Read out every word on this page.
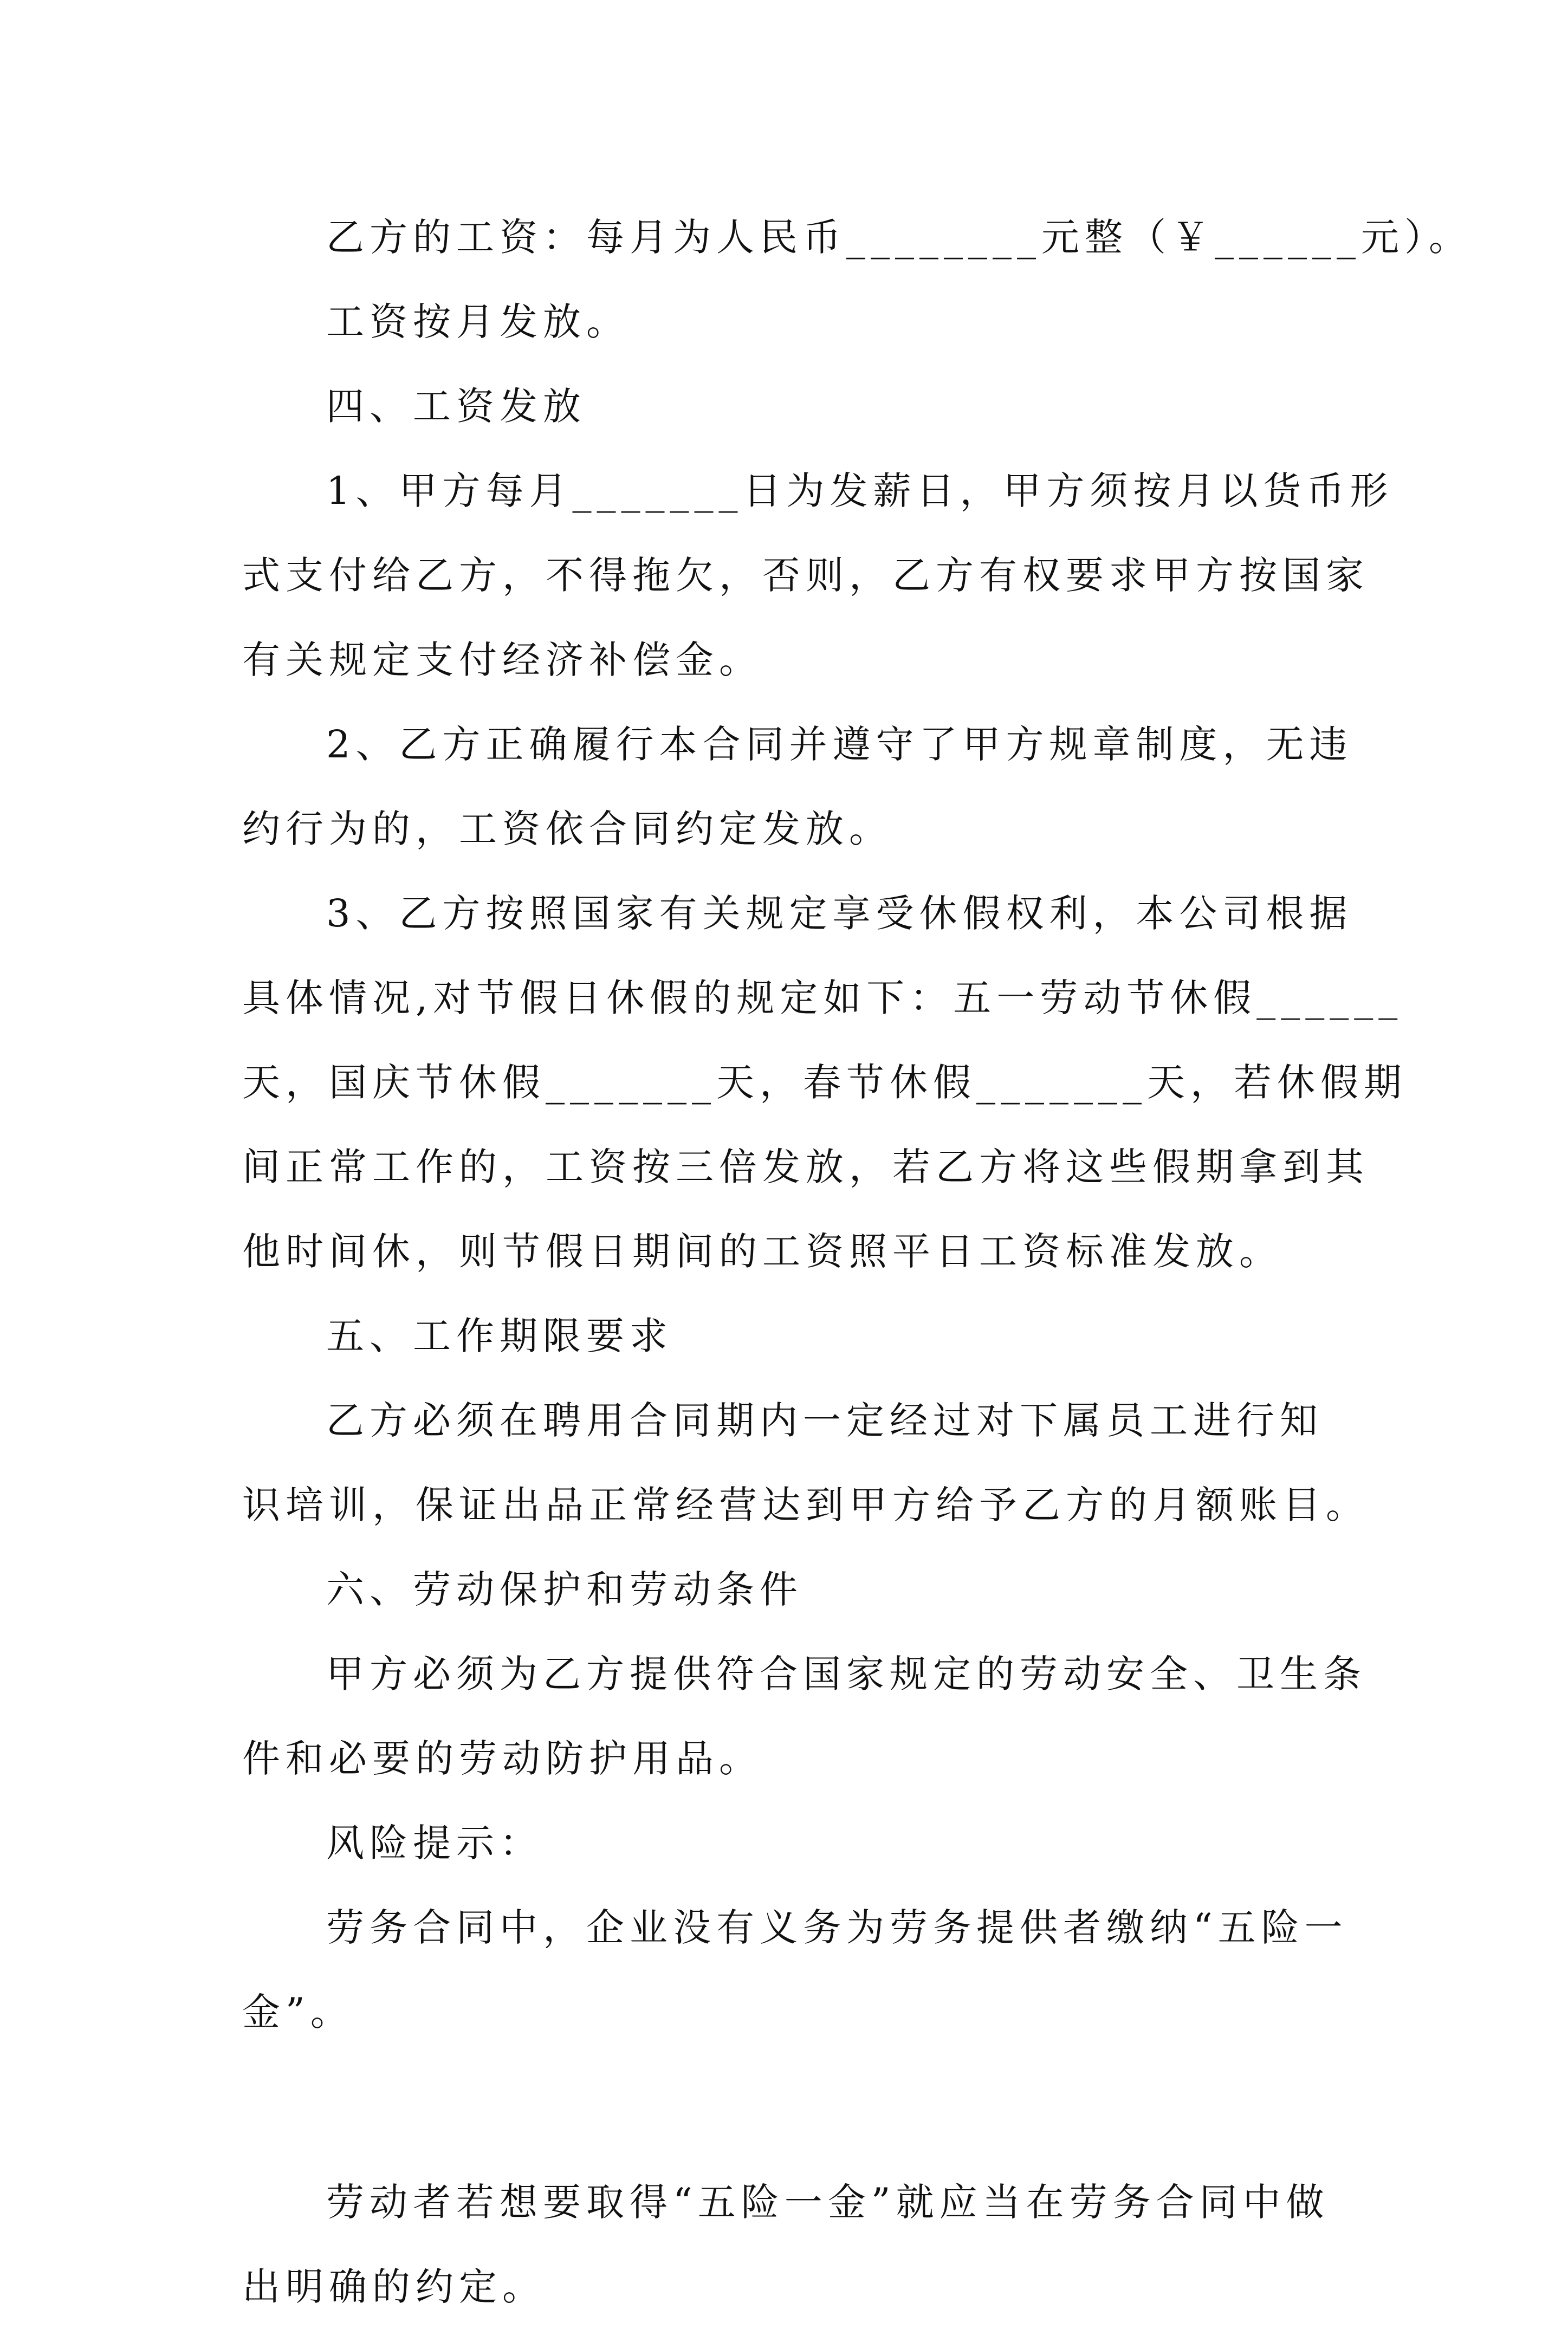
乙方的工资：每月为人民币________元整（￥______元）。
工资按月发放。
四、工资发放
1、甲方每月_______日为发薪日，甲方须按月以货币形
式支付给乙方，不得拖欠，否则，乙方有权要求甲方按国家
有关规定支付经济补偿金。
2、乙方正确履行本合同并遵守了甲方规章制度，无违
约行为的，工资依合同约定发放。
3、乙方按照国家有关规定享受休假权利，本公司根据
具体情况,对节假日休假的规定如下：五一劳动节休假______
天，国庆节休假_______天，春节休假_______天，若休假期
间正常工作的，工资按三倍发放，若乙方将这些假期拿到其
他时间休，则节假日期间的工资照平日工资标准发放。
五、工作期限要求
乙方必须在聘用合同期内一定经过对下属员工进行知
识培训，保证出品正常经营达到甲方给予乙方的月额账目。
六、劳动保护和劳动条件
甲方必须为乙方提供符合国家规定的劳动安全、卫生条
件和必要的劳动防护用品。
风险提示：
劳务合同中，企业没有义务为劳务提供者缴纳“五险一
金”。
劳动者若想要取得“五险一金”就应当在劳务合同中做
出明确的约定。
